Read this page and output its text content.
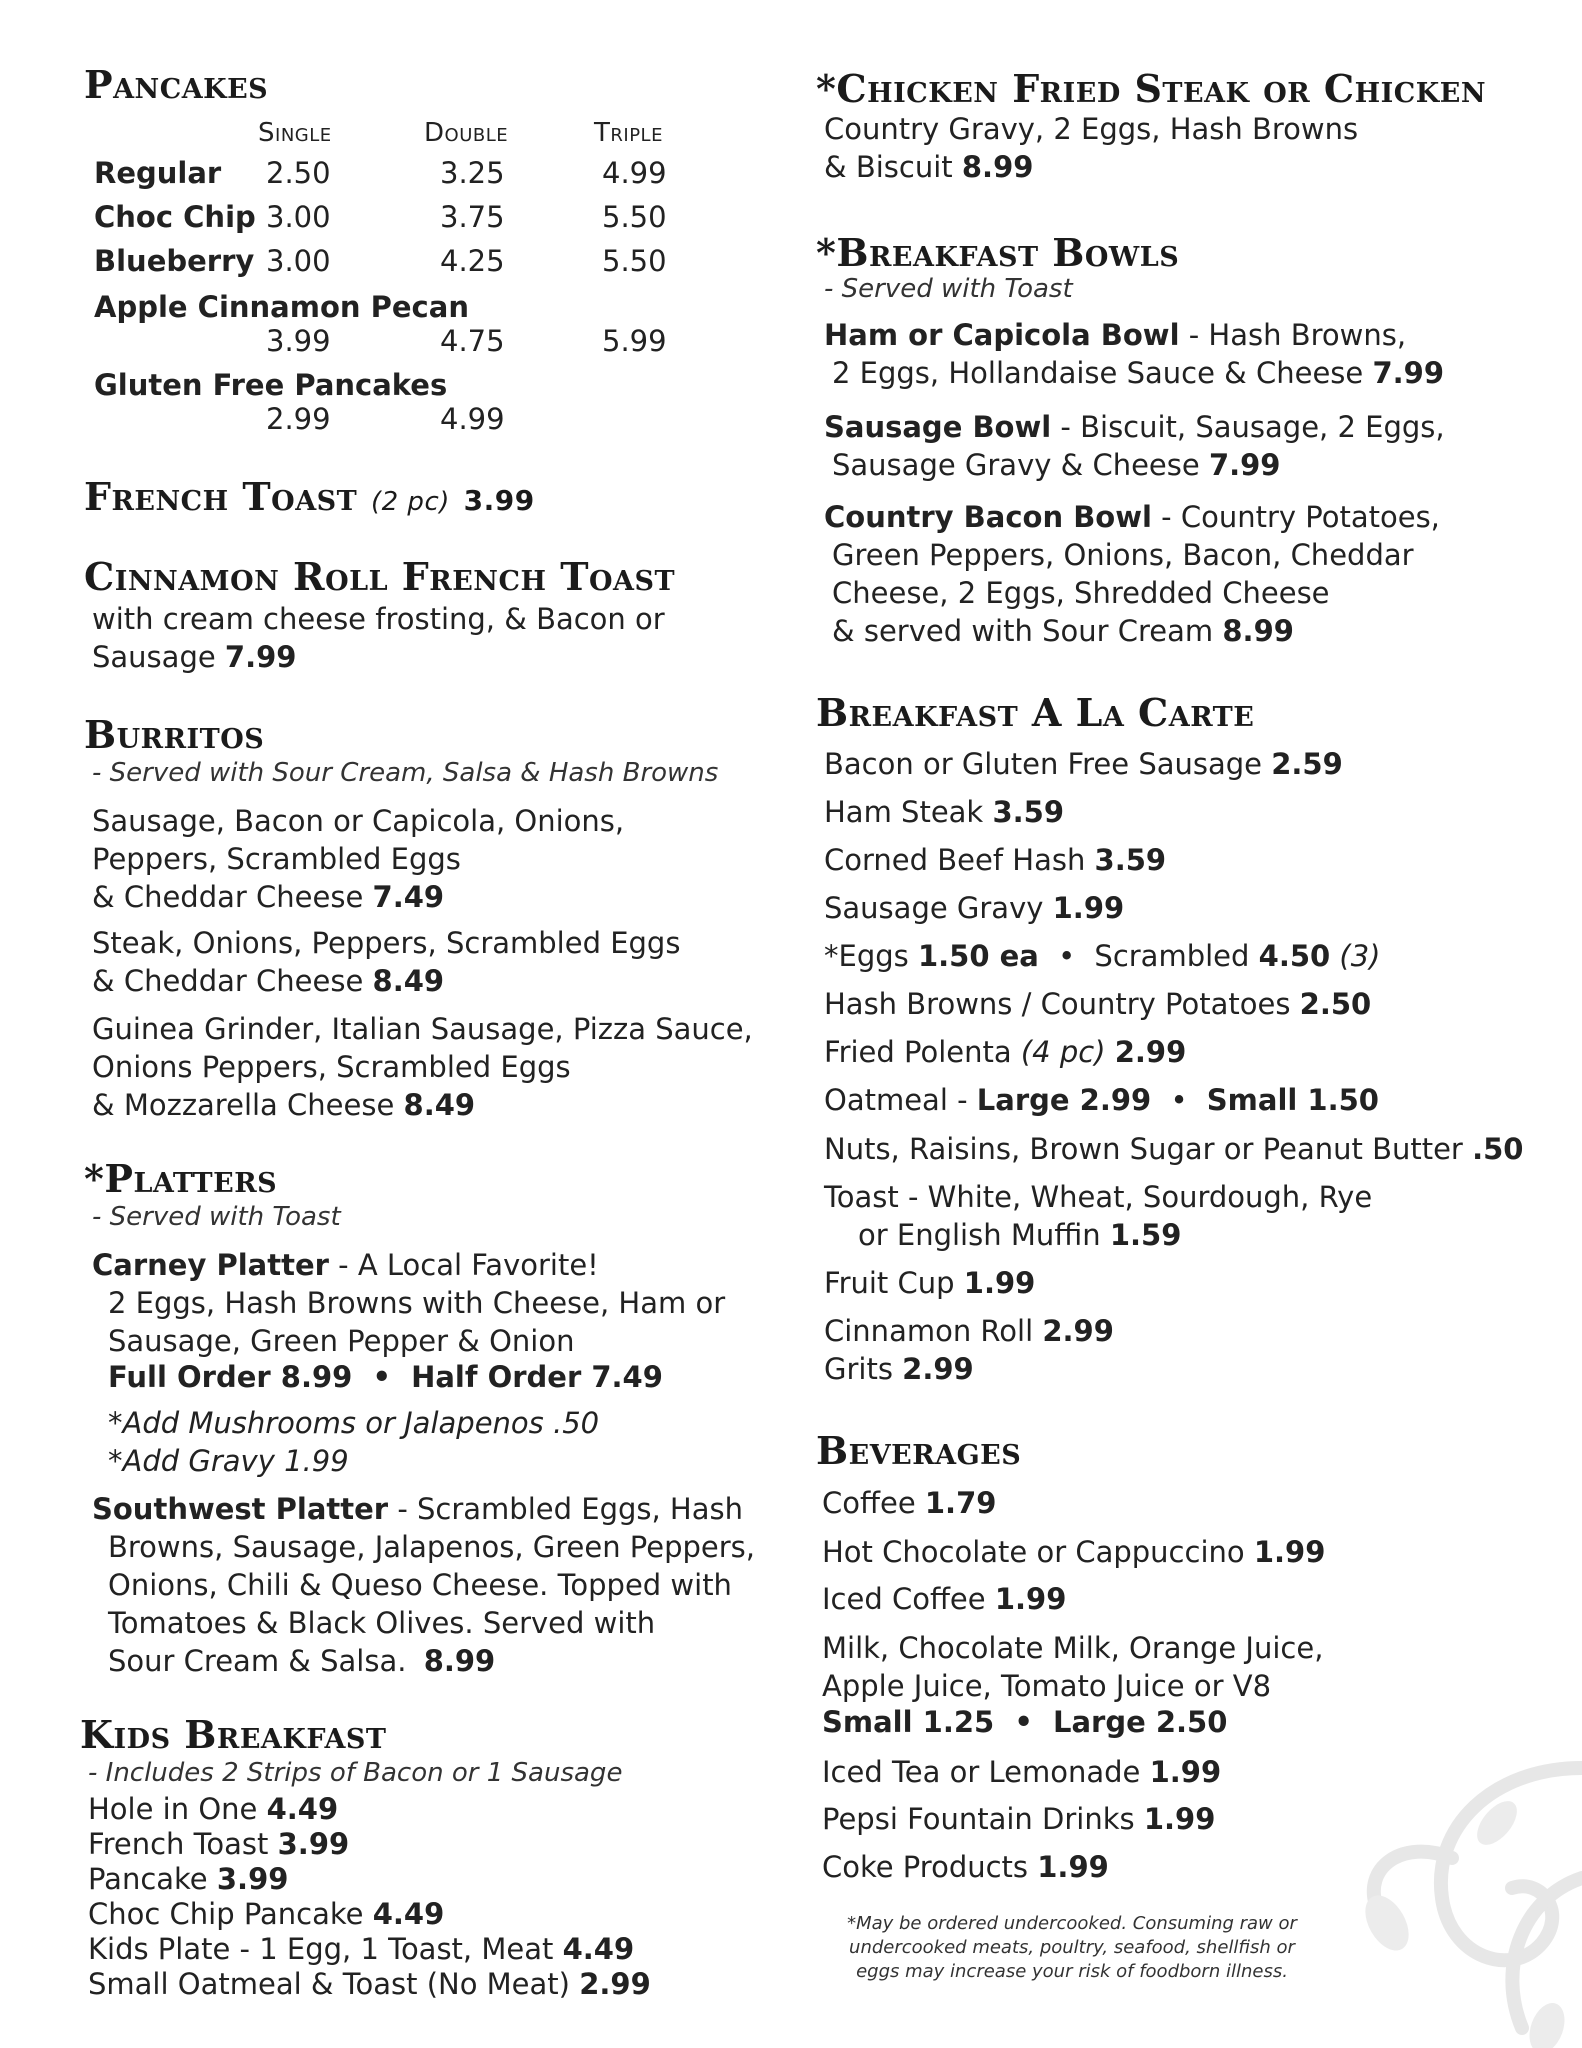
Pancakes
Single	Double	Triple
Regular 2.50	3.25	4.99
Choc Chip 3.00	3.75	5.50
Blueberry 3.00	4.25	5.50
Apple Cinnamon Pecan
3.99	4.75	5.99
Gluten Free Pancakes
2.99	4.99
French Toast (2 pc) 3.99
Cinnamon Roll French Toast
with cream cheese frosting, & Bacon or
Sausage 7.99
Burritos
- Served with Sour Cream, Salsa & Hash Browns
Sausage, Bacon or Capicola, Onions,
Peppers, Scrambled Eggs
& Cheddar Cheese 7.49
Steak, Onions, Peppers, Scrambled Eggs
& Cheddar Cheese 8.49
Guinea Grinder, Italian Sausage, Pizza Sauce,
Onions Peppers, Scrambled Eggs
& Mozzarella Cheese 8.49
*Platters
- Served with Toast
Carney Platter - A Local Favorite!
2 Eggs, Hash Browns with Cheese, Ham or
Sausage, Green Pepper & Onion
Full Order 8.99 • Half Order 7.49
*Add Mushrooms or Jalapenos .50
*Add Gravy 1.99
Southwest Platter - Scrambled Eggs, Hash
Browns, Sausage, Jalapenos, Green Peppers,
Onions, Chili & Queso Cheese. Topped with
Tomatoes & Black Olives. Served with
Sour Cream & Salsa. 8.99
Kids Breakfast
- Includes 2 Strips of Bacon or 1 Sausage
Hole in One 4.49
French Toast 3.99
Pancake 3.99
Choc Chip Pancake 4.49
Kids Plate - 1 Egg, 1 Toast, Meat 4.49
Small Oatmeal & Toast (No Meat) 2.99
*Chicken Fried Steak or Chicken
Country Gravy, 2 Eggs, Hash Browns
& Biscuit 8.99
*Breakfast Bowls
- Served with Toast
Ham or Capicola Bowl - Hash Browns,
2 Eggs, Hollandaise Sauce & Cheese 7.99
Sausage Bowl - Biscuit, Sausage, 2 Eggs,
Sausage Gravy & Cheese 7.99
Country Bacon Bowl - Country Potatoes,
Green Peppers, Onions, Bacon, Cheddar
Cheese, 2 Eggs, Shredded Cheese
& served with Sour Cream 8.99
Breakfast A La Carte
Bacon or Gluten Free Sausage 2.59
Ham Steak 3.59
Corned Beef Hash 3.59
Sausage Gravy 1.99
*Eggs 1.50 ea • Scrambled 4.50 (3)
Hash Browns / Country Potatoes 2.50
Fried Polenta (4 pc) 2.99
Oatmeal - Large 2.99 • Small 1.50
Nuts, Raisins, Brown Sugar or Peanut Butter .50
Toast - White, Wheat, Sourdough, Rye
or English Muffin 1.59
Fruit Cup 1.99
Cinnamon Roll 2.99
Grits 2.99
Beverages
Coffee 1.79
Hot Chocolate or Cappuccino 1.99
Iced Coffee 1.99
Milk, Chocolate Milk, Orange Juice,
Apple Juice, Tomato Juice or V8
Small 1.25 • Large 2.50
Iced Tea or Lemonade 1.99
Pepsi Fountain Drinks 1.99
Coke Products 1.99
*May be ordered undercooked. Consuming raw or
undercooked meats, poultry, seafood, shellfish or
eggs may increase your risk of foodborn illness.
